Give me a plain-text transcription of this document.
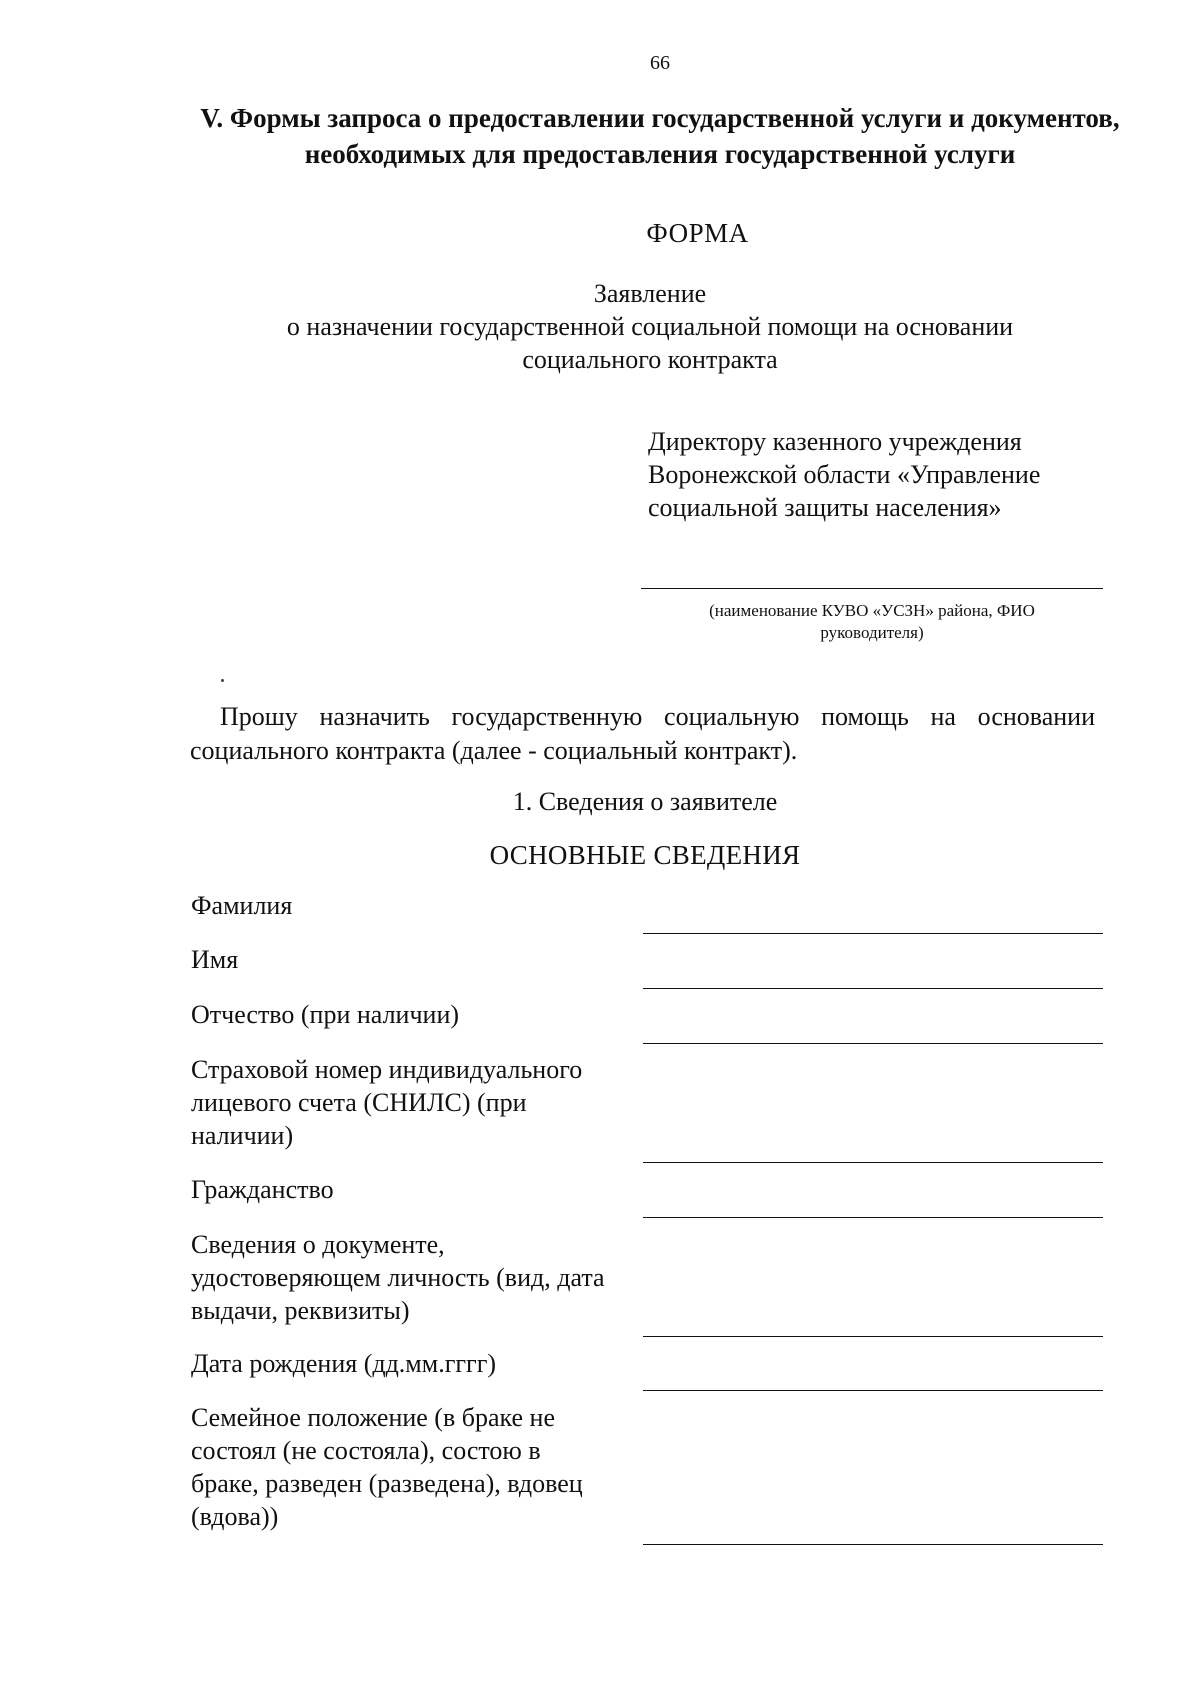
66
V. Формы запроса о предоставлении государственной услуги и документов, необходимых для предоставления государственной услуги
ФОРМА
Заявление
о назначении государственной социальной помощи на основании
социального контракта
Директору казенного учреждения
Воронежской области «Управление
социальной защиты населения»
(наименование КУВО «УСЗН» района, ФИО
руководителя)
Прошу назначить государственную социальную помощь на основании социального контракта (далее - социальный контракт).
1. Сведения о заявителе
ОСНОВНЫЕ СВЕДЕНИЯ
Фамилия
Имя
Отчество (при наличии)
Страховой номер индивидуального лицевого счета (СНИЛС) (при наличии)
Гражданство
Сведения о документе, удостоверяющем личность (вид, дата выдачи, реквизиты)
Дата рождения (дд.мм.гггг)
Семейное положение (в браке не состоял (не состояла), состою в браке, разведен (разведена), вдовец (вдова))
